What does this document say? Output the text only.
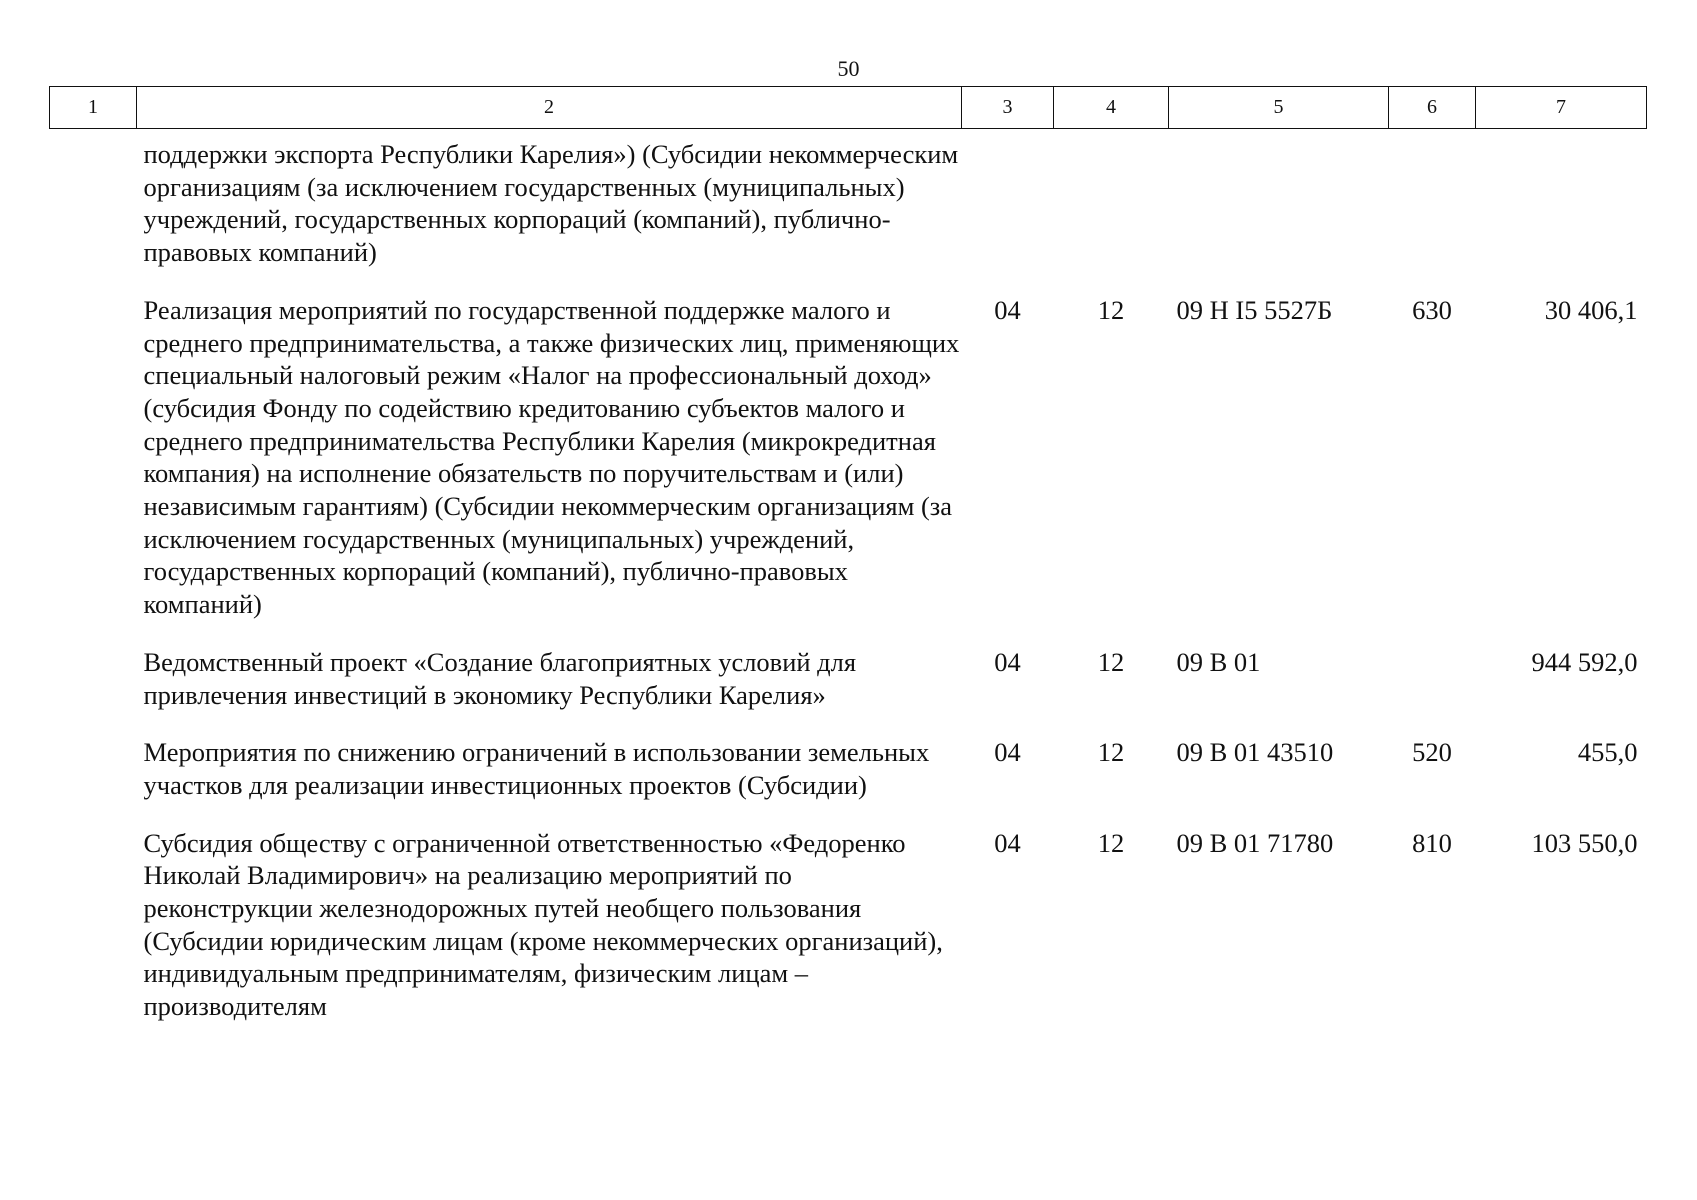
50
1	2	3	4	5	6	7
поддержки экспорта Республики Карелия») (Субсидии некоммерческим организациям (за исключением государственных (муниципальных) учреждений, государственных корпораций (компаний), публично-правовых компаний)						
Реализация мероприятий по государственной поддержке малого и среднего предпринимательства, а также физических лиц, применяющих специальный налоговый режим «Налог на профессиональный доход» (субсидия Фонду по содействию кредитованию субъектов малого и среднего предпринимательства Республики Карелия (микрокредитная компания) на исполнение обязательств по поручительствам и (или) независимым гарантиям) (Субсидии некоммерческим организациям (за исключением государственных (муниципальных) учреждений, государственных корпораций (компаний), публично-правовых компаний)		04	12	09 Н I5 5527Б	630	30 406,1
Ведомственный проект «Создание благоприятных условий для привлечения инвестиций в экономику Республики Карелия»		04	12	09 В 01		944 592,0
Мероприятия по снижению ограничений в использовании земельных участков для реализации инвестиционных проектов (Субсидии)		04	12	09 В 01 43510	520	455,0
Субсидия обществу с ограниченной ответственностью «Федоренко Николай Владимирович» на реализацию мероприятий по реконструкции железнодорожных путей необщего пользования (Субсидии юридическим лицам (кроме некоммерческих организаций), индивидуальным предпринимателям, физическим лицам – производителям		04	12	09 В 01 71780	810	103 550,0
